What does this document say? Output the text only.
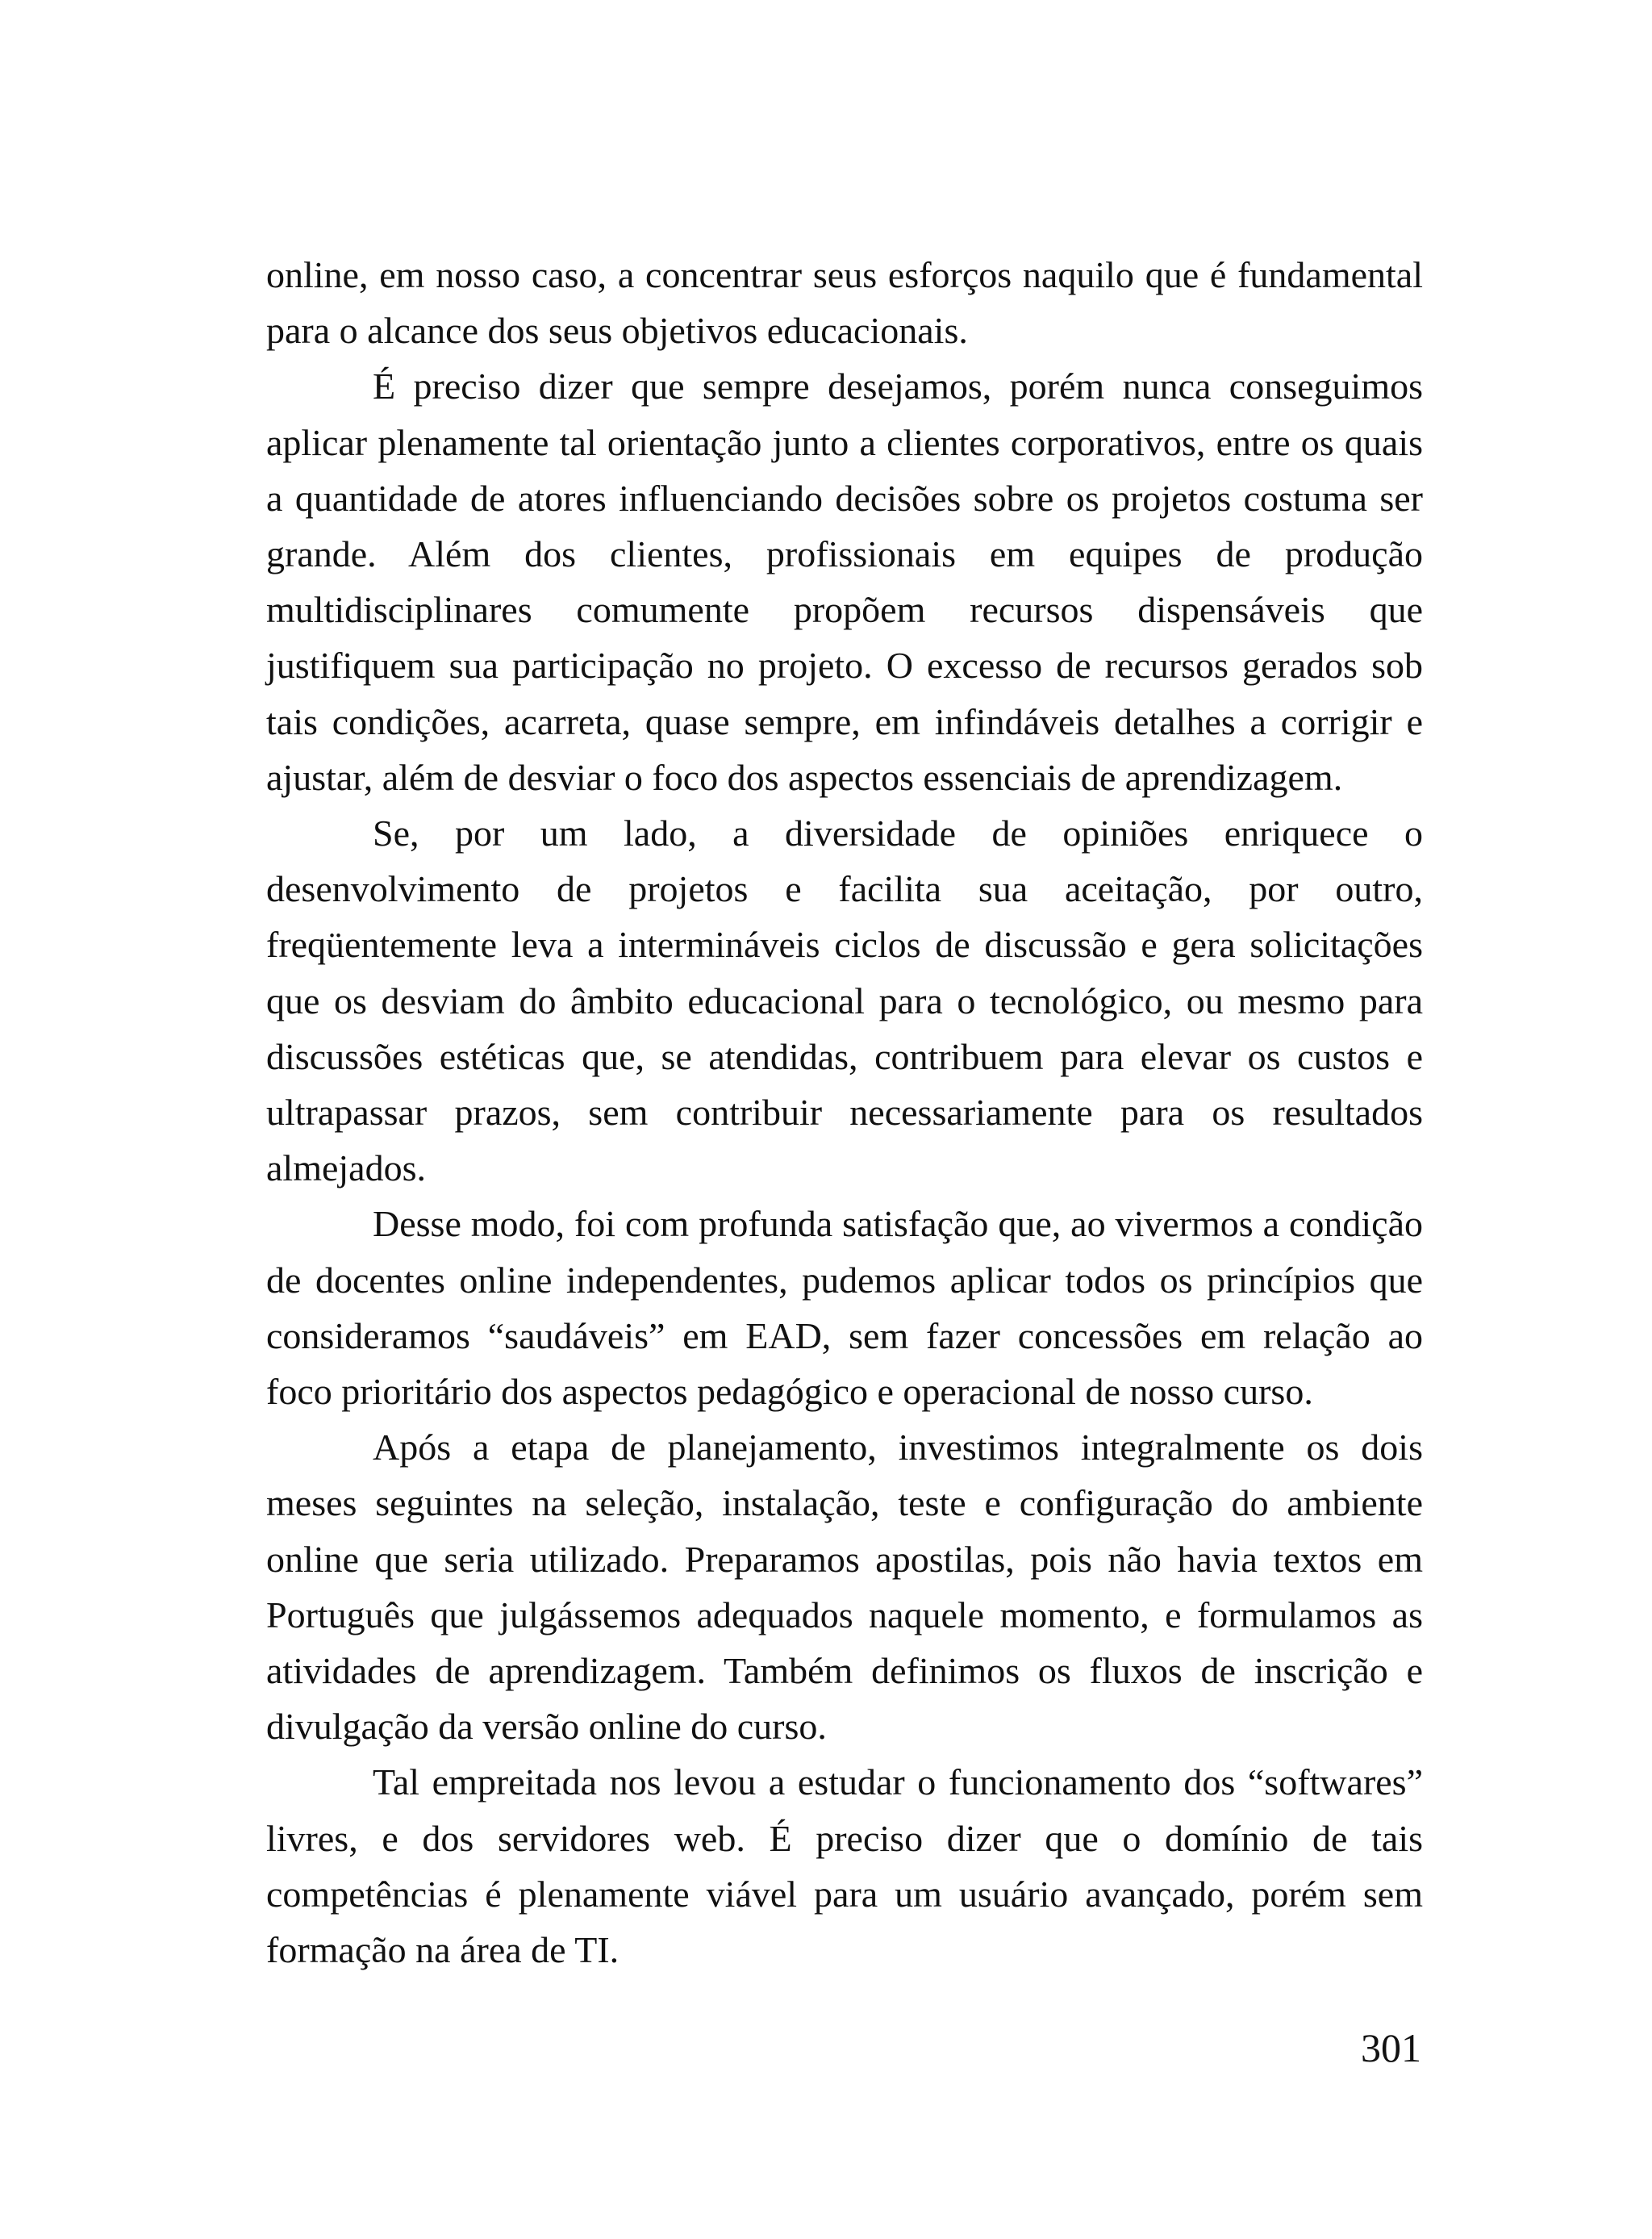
online, em nosso caso, a concentrar seus esforços naquilo que é fundamental para o alcance dos seus objetivos educacionais.

É preciso dizer que sempre desejamos, porém nunca conseguimos aplicar plenamente tal orientação junto a clientes corporativos, entre os quais a quantidade de atores influenciando decisões sobre os projetos costuma ser grande. Além dos clientes, profissionais em equipes de produção multidisciplinares comumente propõem recursos dispensáveis que justifiquem sua participação no projeto. O excesso de recursos gerados sob tais condições, acarreta, quase sempre, em infindáveis detalhes a corrigir e ajustar, além de desviar o foco dos aspectos essenciais de aprendizagem.

Se, por um lado, a diversidade de opiniões enriquece o desenvolvimento de projetos e facilita sua aceitação, por outro, freqüentemente leva a intermináveis ciclos de discussão e gera solicitações que os desviam do âmbito educacional para o tecnológico, ou mesmo para discussões estéticas que, se atendidas, contribuem para elevar os custos e ultrapassar prazos, sem contribuir necessariamente para os resultados almejados.

Desse modo, foi com profunda satisfação que, ao vivermos a condição de docentes online independentes, pudemos aplicar todos os princípios que consideramos “saudáveis” em EAD, sem fazer concessões em relação ao foco prioritário dos aspectos pedagógico e operacional de nosso curso.

Após a etapa de planejamento, investimos integralmente os dois meses seguintes na seleção, instalação, teste e configuração do ambiente online que seria utilizado. Preparamos apostilas, pois não havia textos em Português que julgássemos adequados naquele momento, e formulamos as atividades de aprendizagem. Também definimos os fluxos de inscrição e divulgação da versão online do curso.

Tal empreitada nos levou a estudar o funcionamento dos “softwares” livres, e dos servidores web. É preciso dizer que o domínio de tais competências é plenamente viável para um usuário avançado, porém sem formação na área de TI.

301
